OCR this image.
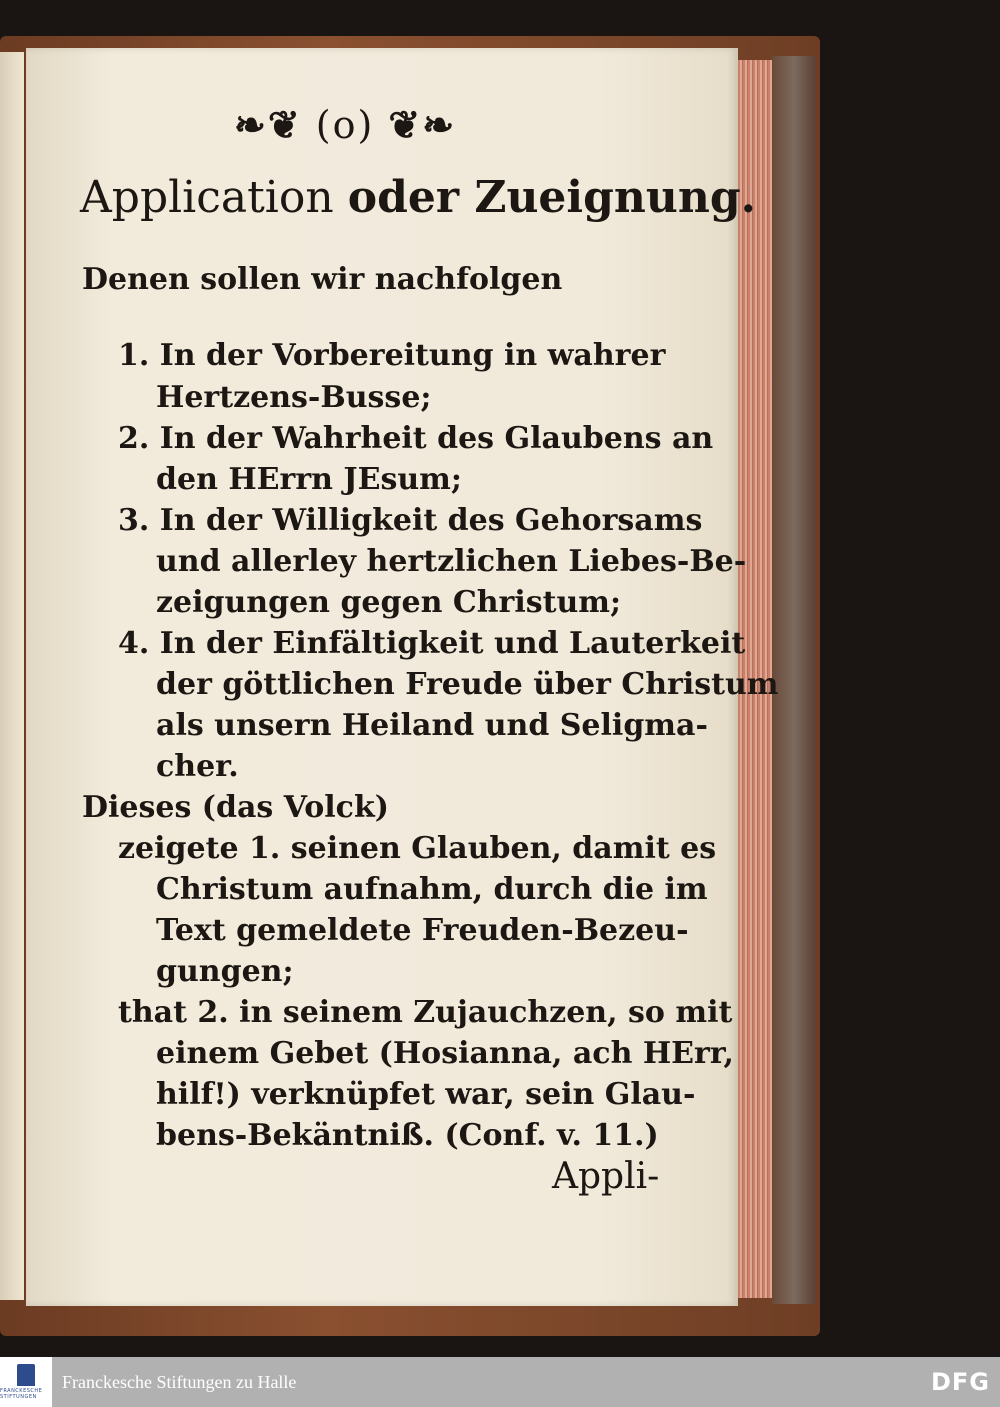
❧❦ (o) ❦❧
Application oder Zueignung.
Denen sollen wir nachfolgen
1. In der Vorbereitung in wahrer
Hertzens-Busse;
2. In der Wahrheit des Glaubens an
den HErrn JEsum;
3. In der Willigkeit des Gehorsams
und allerley hertzlichen Liebes-Be-
zeigungen gegen Christum;
4. In der Einfältigkeit und Lauterkeit
der göttlichen Freude über Christum
als unsern Heiland und Seligma-
cher.
Dieses (das Volck)
zeigete 1. seinen Glauben, damit es
Christum aufnahm, durch die im
Text gemeldete Freuden-Bezeu-
gungen;
that 2. in seinem Zujauchzen, so mit
einem Gebet (Hosianna, ach HErr,
hilf!) verknüpfet war, sein Glau-
bens-Bekäntniß. (Conf. v. 11.)
Appli-
FRANCKESCHE STIFTUNGEN
Franckesche Stiftungen zu Halle	DFG
